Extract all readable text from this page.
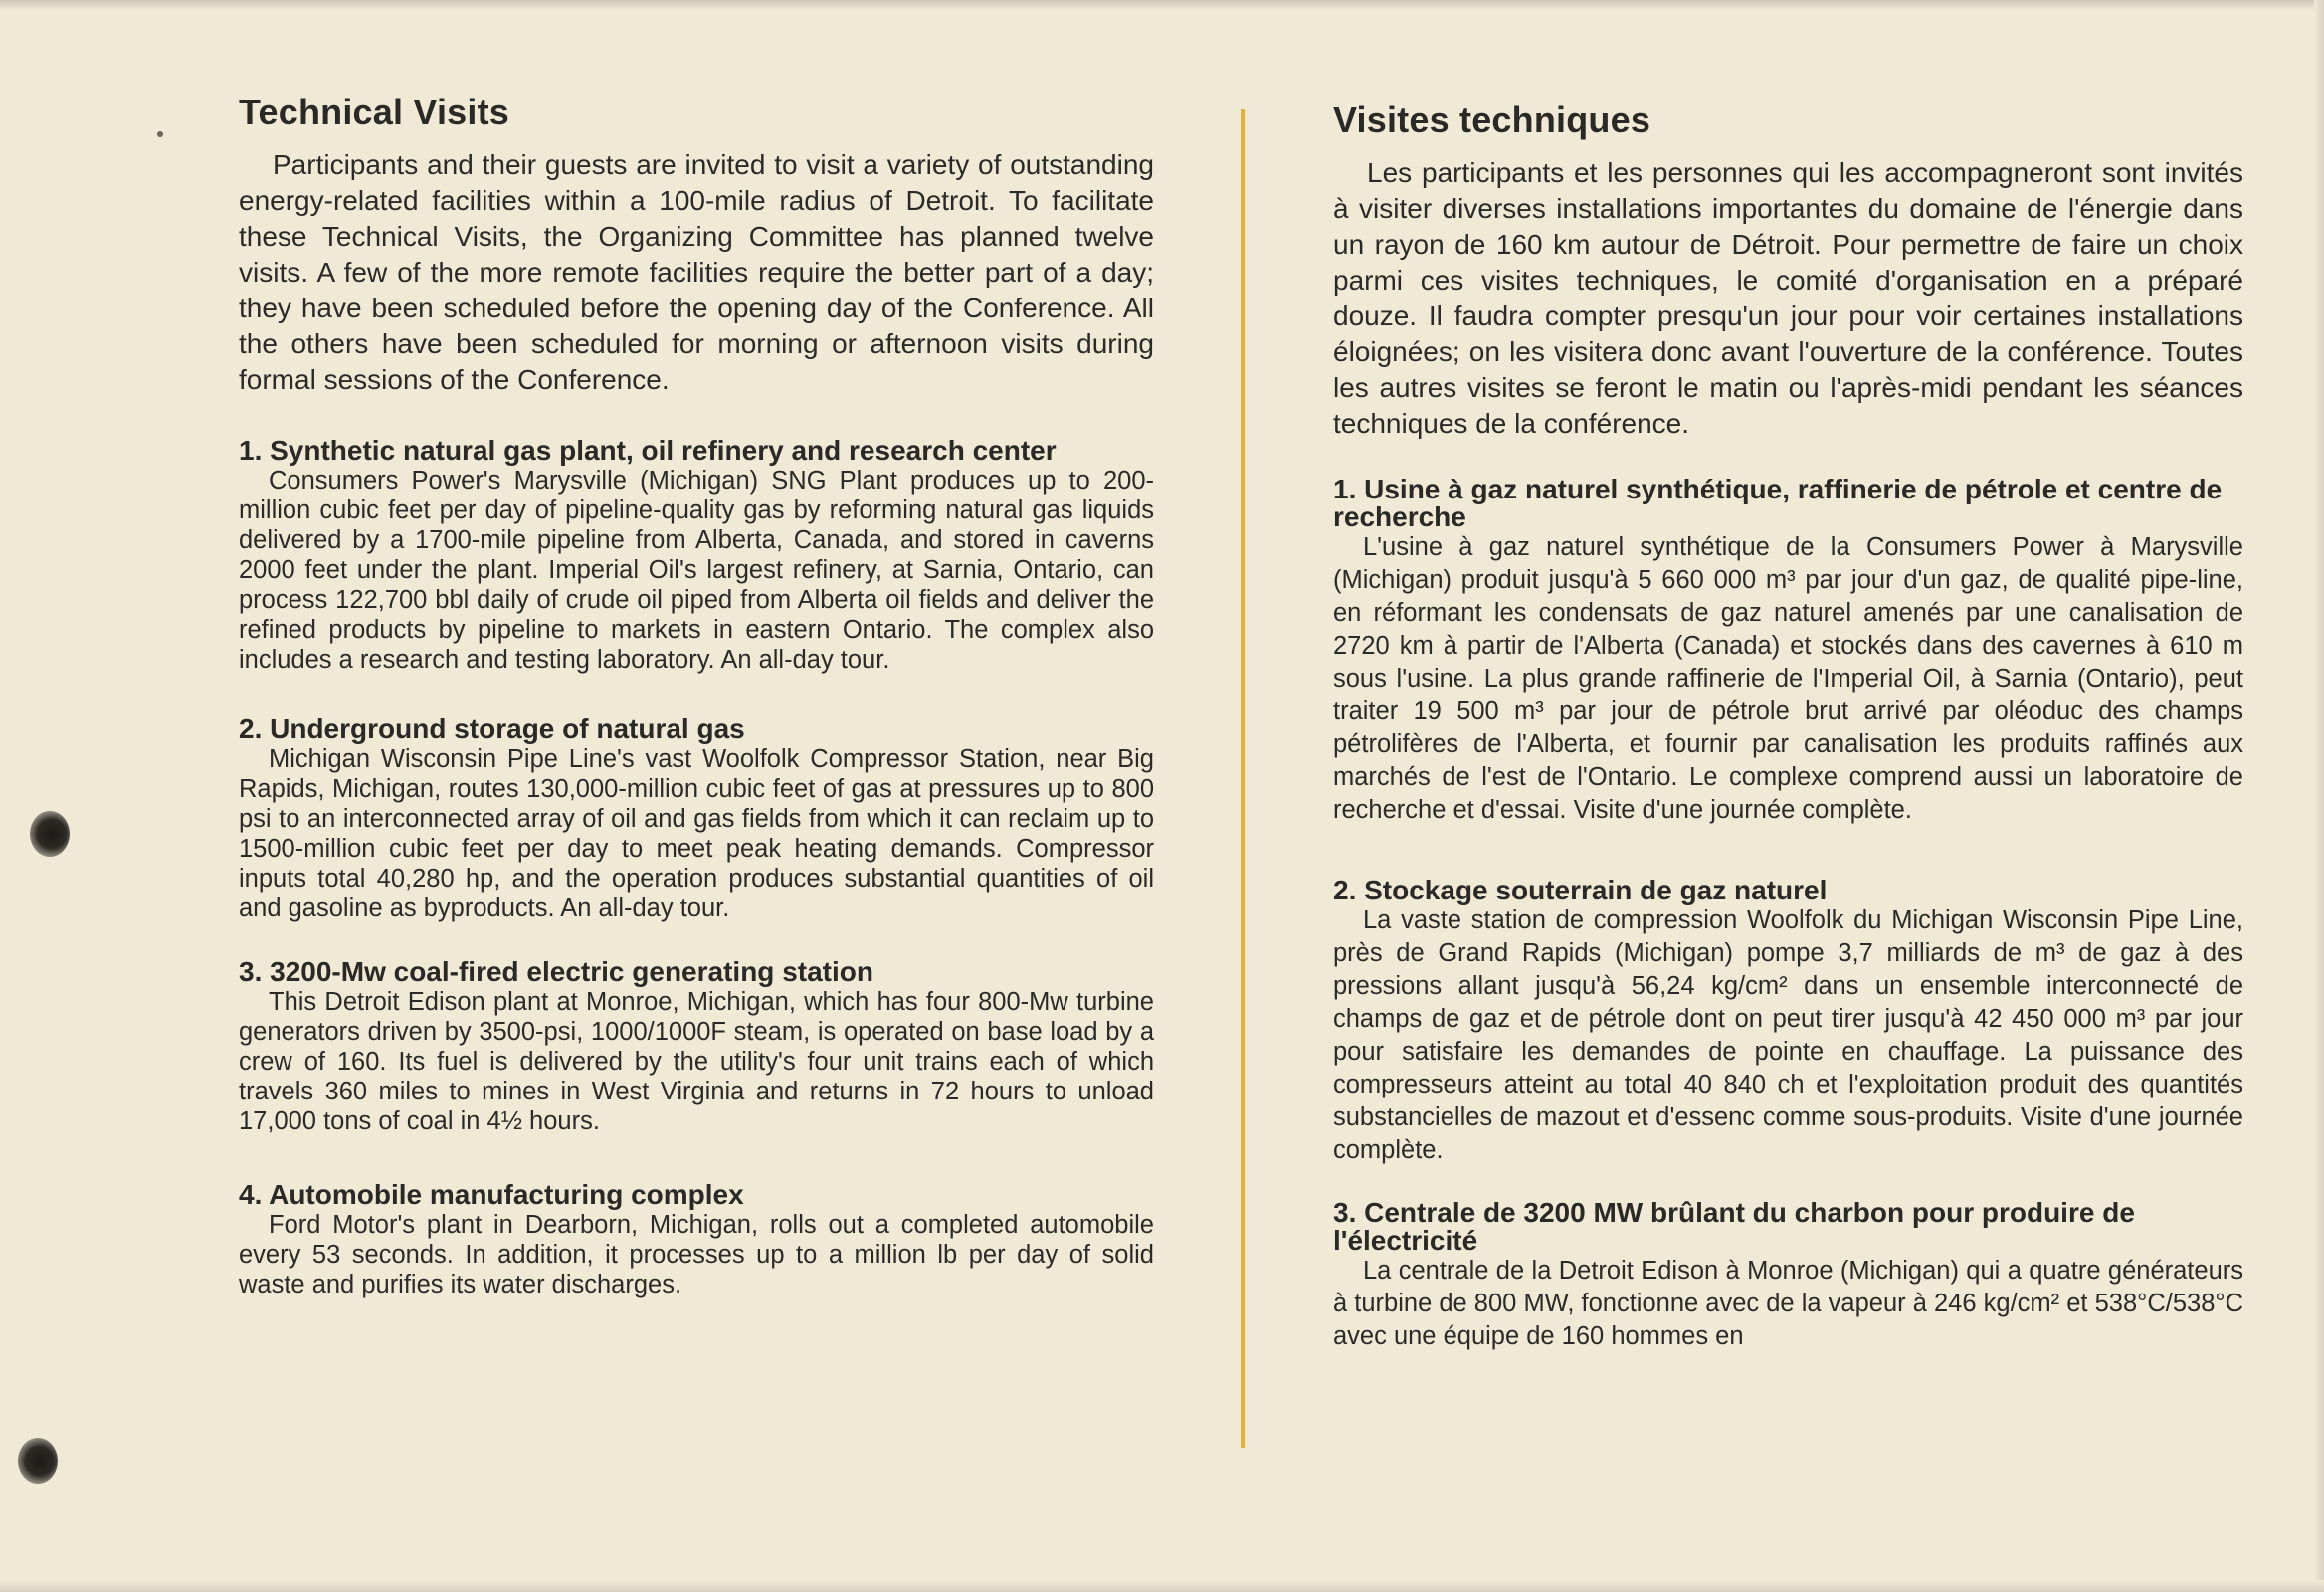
Technical Visits

Participants and their guests are invited to visit a variety of outstanding energy-related facilities within a 100-mile radius of Detroit. To facilitate these Technical Visits, the Organizing Committee has planned twelve visits. A few of the more remote facilities require the better part of a day; they have been scheduled before the opening day of the Conference. All the others have been scheduled for morning or afternoon visits during formal sessions of the Conference.

1. Synthetic natural gas plant, oil refinery and research center

Consumers Power's Marysville (Michigan) SNG Plant produces up to 200-million cubic feet per day of pipeline-quality gas by reforming natural gas liquids delivered by a 1700-mile pipeline from Alberta, Canada, and stored in caverns 2000 feet under the plant. Imperial Oil's largest refinery, at Sarnia, Ontario, can process 122,700 bbl daily of crude oil piped from Alberta oil fields and deliver the refined products by pipeline to markets in eastern Ontario. The complex also includes a research and testing laboratory. An all-day tour.

2. Underground storage of natural gas

Michigan Wisconsin Pipe Line's vast Woolfolk Compressor Station, near Big Rapids, Michigan, routes 130,000-million cubic feet of gas at pressures up to 800 psi to an interconnected array of oil and gas fields from which it can reclaim up to 1500-million cubic feet per day to meet peak heating demands. Compressor inputs total 40,280 hp, and the operation produces substantial quantities of oil and gasoline as byproducts. An all-day tour.

3. 3200-Mw coal-fired electric generating station

This Detroit Edison plant at Monroe, Michigan, which has four 800-Mw turbine generators driven by 3500-psi, 1000/1000F steam, is operated on base load by a crew of 160. Its fuel is delivered by the utility's four unit trains each of which travels 360 miles to mines in West Virginia and returns in 72 hours to unload 17,000 tons of coal in 4½ hours.

4. Automobile manufacturing complex

Ford Motor's plant in Dearborn, Michigan, rolls out a completed automobile every 53 seconds. In addition, it processes up to a million lb per day of solid waste and purifies its water discharges.

Visites techniques

Les participants et les personnes qui les accompagneront sont invités à visiter diverses installations importantes du domaine de l'énergie dans un rayon de 160 km autour de Détroit. Pour permettre de faire un choix parmi ces visites techniques, le comité d'organisation en a préparé douze. Il faudra compter presqu'un jour pour voir certaines installations éloignées; on les visitera donc avant l'ouverture de la conférence. Toutes les autres visites se feront le matin ou l'après-midi pendant les séances techniques de la conférence.

1. Usine à gaz naturel synthétique, raffinerie de pétrole et centre de recherche

L'usine à gaz naturel synthétique de la Consumers Power à Marysville (Michigan) produit jusqu'à 5 660 000 m³ par jour d'un gaz, de qualité pipe-line, en réformant les condensats de gaz naturel amenés par une canalisation de 2720 km à partir de l'Alberta (Canada) et stockés dans des cavernes à 610 m sous l'usine. La plus grande raffinerie de l'Imperial Oil, à Sarnia (Ontario), peut traiter 19 500 m³ par jour de pétrole brut arrivé par oléoduc des champs pétrolifères de l'Alberta, et fournir par canalisation les produits raffinés aux marchés de l'est de l'Ontario. Le complexe comprend aussi un laboratoire de recherche et d'essai. Visite d'une journée complète.

2. Stockage souterrain de gaz naturel

La vaste station de compression Woolfolk du Michigan Wisconsin Pipe Line, près de Grand Rapids (Michigan) pompe 3,7 milliards de m³ de gaz à des pressions allant jusqu'à 56,24 kg/cm² dans un ensemble interconnecté de champs de gaz et de pétrole dont on peut tirer jusqu'à 42 450 000 m³ par jour pour satisfaire les demandes de pointe en chauffage. La puissance des compresseurs atteint au total 40 840 ch et l'exploitation produit des quantités substancielles de mazout et d'essenc comme sous-produits. Visite d'une journée complète.

3. Centrale de 3200 MW brûlant du charbon pour produire de l'électricité

La centrale de la Detroit Edison à Monroe (Michigan) qui a quatre générateurs à turbine de 800 MW, fonctionne avec de la vapeur à 246 kg/cm² et 538°C/538°C avec une équipe de 160 hommes en
